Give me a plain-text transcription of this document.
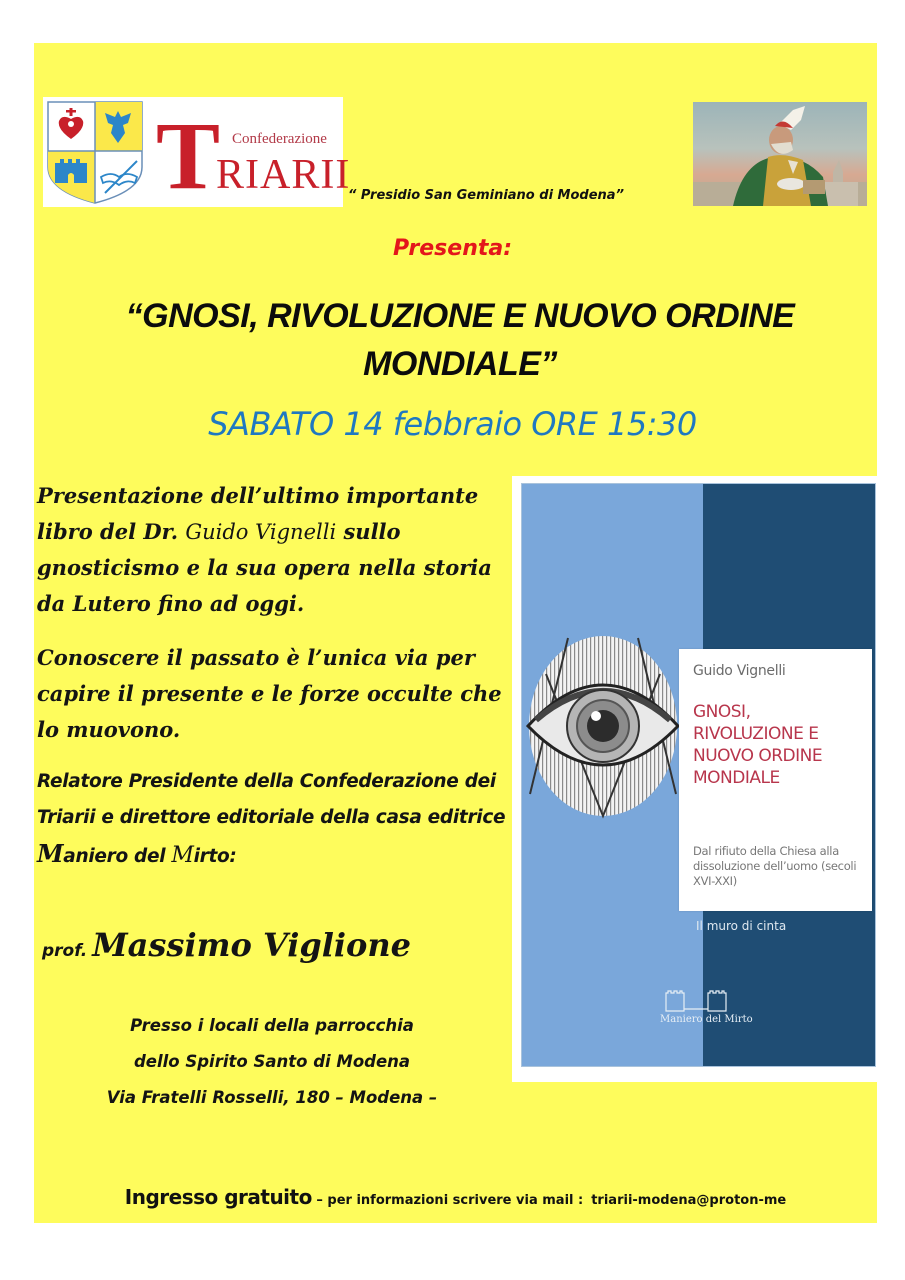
T Confederazione
RIARII
“ Presidio San Geminiano di Modena”
Presenta:
“GNOSI, RIVOLUZIONE E NUOVO ORDINE
MONDIALE”
SABATO 14 febbraio ORE 15:30
Presentazione dell’ultimo importante libro del Dr. Guido Vignelli sullo gnosticismo e la sua opera nella storia da Lutero fino ad oggi.
Conoscere il passato è l’unica via per capire il presente e le forze occulte che lo muovono.
Relatore Presidente della Confederazione dei Triarii e direttore editoriale della casa editrice Maniero del Mirto:
prof. Massimo Viglione
Presso i locali della parrocchia
dello Spirito Santo di Modena
Via Fratelli Rosselli, 180 – Modena –
Guido Vignelli
GNOSI,
RIVOLUZIONE E
NUOVO ORDINE
MONDIALE
Dal rifiuto della Chiesa alla dissoluzione dell’uomo (secoli XVI-XXI)
Il muro di cinta
Maniero del Mirto
Ingresso gratuito – per informazioni scrivere via mail : triarii-modena@proton-me
